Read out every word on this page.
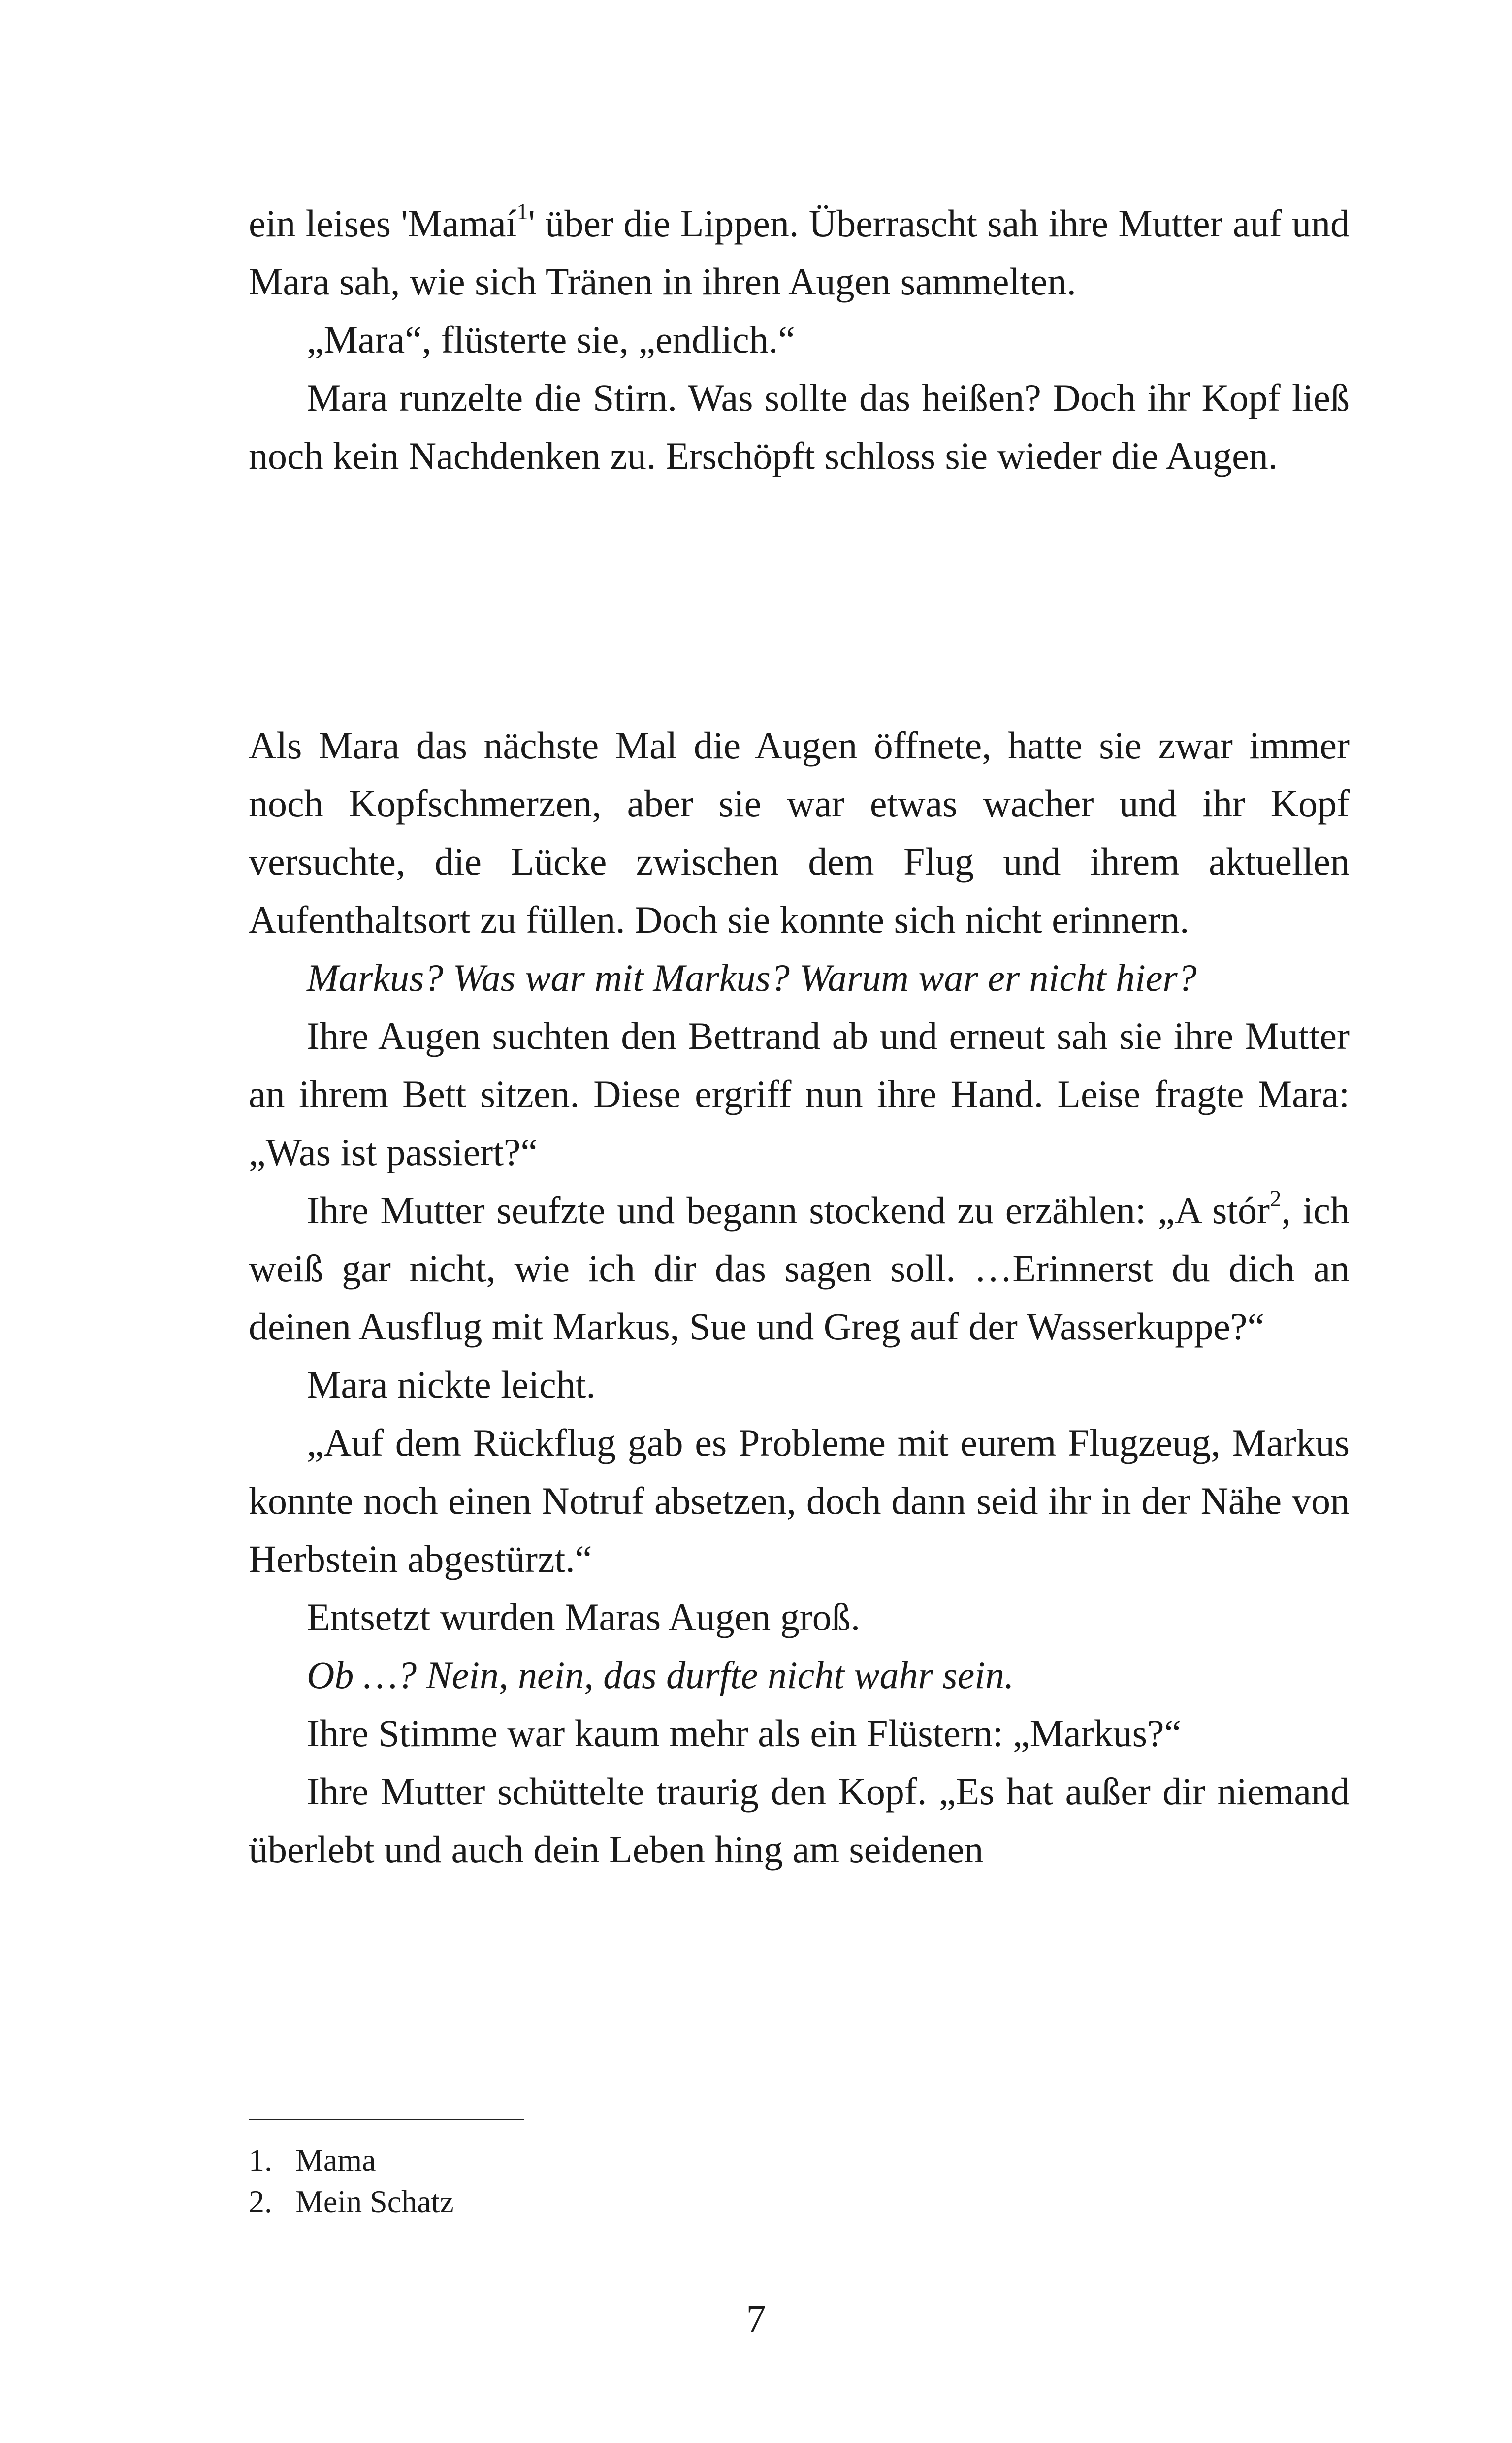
ein leises 'Mamaí$^1$' über die Lippen. Überrascht sah ihre Mutter auf und Mara sah, wie sich Tränen in ihren Augen sammelten.

„Mara“, flüsterte sie, „endlich.“

Mara runzelte die Stirn. Was sollte das heißen? Doch ihr Kopf ließ noch kein Nachdenken zu. Erschöpft schloss sie wieder die Augen.

Als Mara das nächste Mal die Augen öffnete, hatte sie zwar immer noch Kopfschmerzen, aber sie war etwas wacher und ihr Kopf versuchte, die Lücke zwischen dem Flug und ihrem aktuellen Aufenthaltsort zu füllen. Doch sie konnte sich nicht erinnern.

Markus? Was war mit Markus? Warum war er nicht hier?

Ihre Augen suchten den Bettrand ab und erneut sah sie ihre Mutter an ihrem Bett sitzen. Diese ergriff nun ihre Hand. Leise fragte Mara: „Was ist passiert?“

Ihre Mutter seufzte und begann stockend zu erzählen: „A stór$^2$, ich weiß gar nicht, wie ich dir das sagen soll. …Erinnerst du dich an deinen Ausflug mit Markus, Sue und Greg auf der Wasserkuppe?“

Mara nickte leicht.

„Auf dem Rückflug gab es Probleme mit eurem Flugzeug, Markus konnte noch einen Notruf absetzen, doch dann seid ihr in der Nähe von Herbstein abgestürzt.“

Entsetzt wurden Maras Augen groß.

Ob …? Nein, nein, das durfte nicht wahr sein.

Ihre Stimme war kaum mehr als ein Flüstern: „Markus?“

Ihre Mutter schüttelte traurig den Kopf. „Es hat außer dir niemand überlebt und auch dein Leben hing am seidenen

1. Mama
2. Mein Schatz
7
